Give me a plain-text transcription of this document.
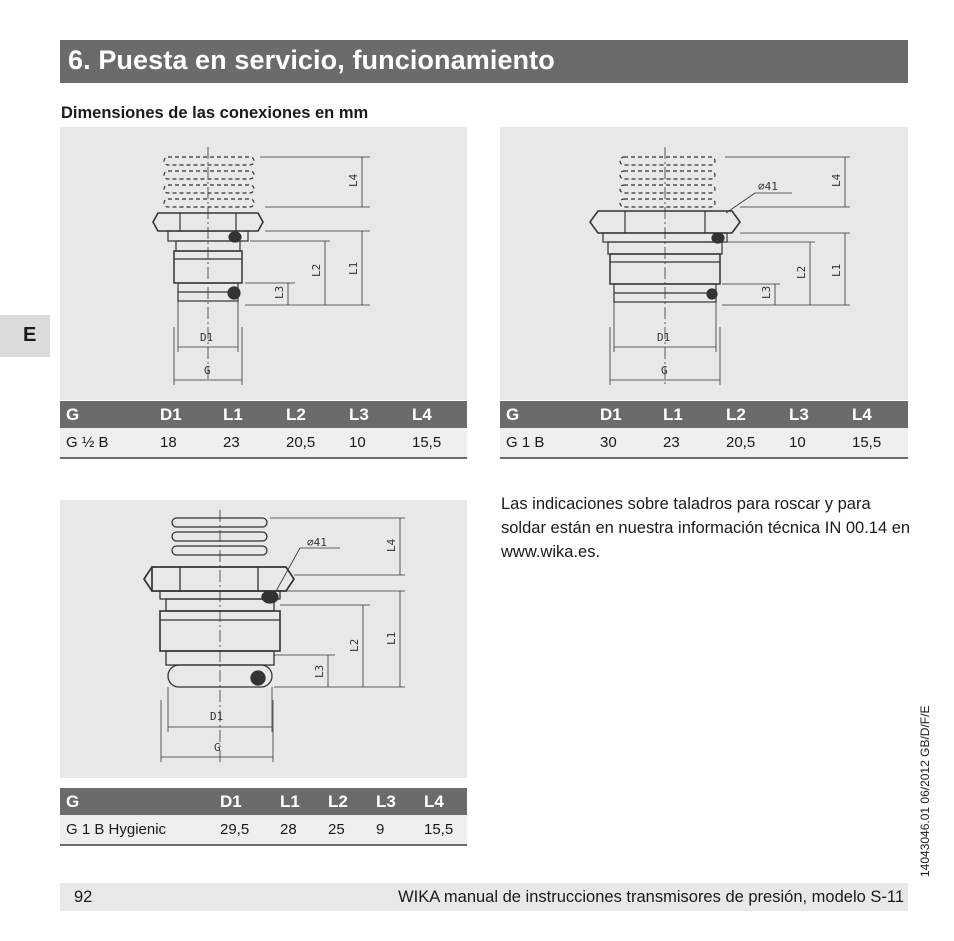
6. Puesta en servicio, funcionamiento
Dimensiones de las conexiones en mm
E
L4
L1
L2
L3
D1
G
G	D1	L1	L2	L3	L4
G ½ B	18	23	20,5	10	15,5
⌀41	L4
L1
L2
L3
D1
G
G	D1	L1	L2	L3	L4
G 1 B	30	23	20,5	10	15,5
⌀41	L4
L1
L2
L3
D1
G
G	D1	L1	L2	L3	L4
G 1 B Hygienic	29,5	28	25	9	15,5
Las indicaciones sobre taladros para roscar y para soldar están en nuestra información técnica IN 00.14 en www.wika.es.
92	WIKA manual de instrucciones transmisores de presión, modelo S-11
14043046.01 06/2012 GB/D/F/E
